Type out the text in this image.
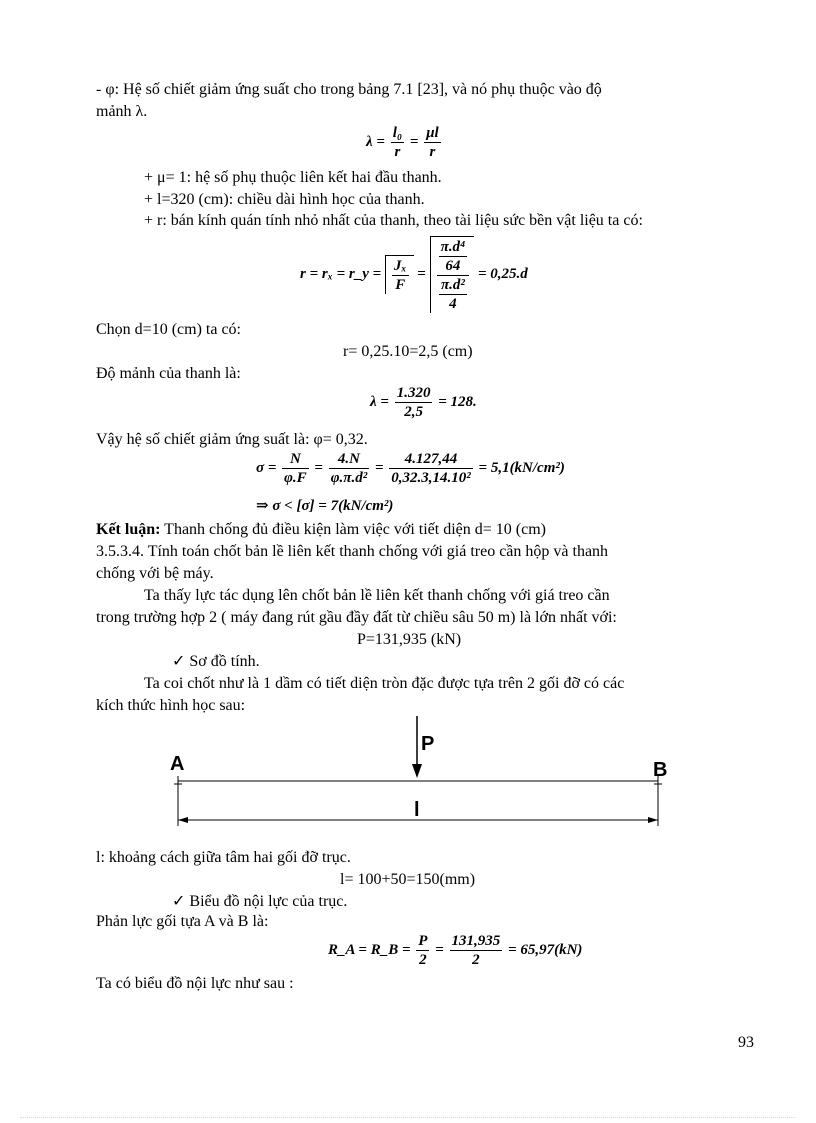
- φ: Hệ số chiết giảm ứng suất cho trong bảng 7.1 [23], và nó phụ thuộc vào độ
mảnh λ.
$\lambda = \frac{\text{l₀}}{r} = \frac{\mu l}{r}$
+ μ= 1: hệ số phụ thuộc liên kết hai đầu thanh.
+ l=320 (cm): chiều dài hình học của thanh.
+ r: bán kính quán tính nhỏ nhất của thanh, theo tài liệu sức bền vật liệu ta có:
r = rₓ = r_y = $\frac{\text{Jₓ}}{F} = \frac{\frac{\text{π.d⁴}}{64}}{\frac{\text{π.d²}}{4}} = 0,25.d$
Chọn d=10 (cm) ta có:
r= 0,25.10=2,5 (cm)
Độ mảnh của thanh là:
$\lambda = \frac{1.320}{2,5} = 128$.
Vậy hệ số chiết giảm ứng suất là: φ= 0,32.
$\sigma = \frac{N}{\varphi.F} = \frac{4.N}{\text{φ.π.d²}} = \frac{4.127,44}{\text{0,32.3,14.10²}} = 5,1(kN/cm^2)$
⇒ σ < [σ] = 7(kN/cm²)
Kết luận: Thanh chống đủ điều kiện làm việc với tiết diện d= 10 (cm)
3.5.3.4. Tính toán chốt bản lề liên kết thanh chống với giá treo cần hộp và thanh
chống với bệ máy.
Ta thấy lực tác dụng lên chốt bản lề liên kết thanh chống với giá treo cần
trong trường hợp 2 ( máy đang rút gầu đầy đất từ chiều sâu 50 m) là lớn nhất với:
P=131,935 (kN)
✓ Sơ đồ tính.
Ta coi chốt như là 1 dầm có tiết diện tròn đặc được tựa trên 2 gối đỡ có các
kích thức hình học sau:
A	B
P
l
l: khoảng cách giữa tâm hai gối đỡ trục.
l= 100+50=150(mm)
✓ Biểu đồ nội lực của trục.
Phản lực gối tựa A và B là:
R_A = R_B = $\frac{P}{2} = \frac{131,935}{2} = 65,97(kN)$
Ta có biểu đồ nội lực như sau :
93
